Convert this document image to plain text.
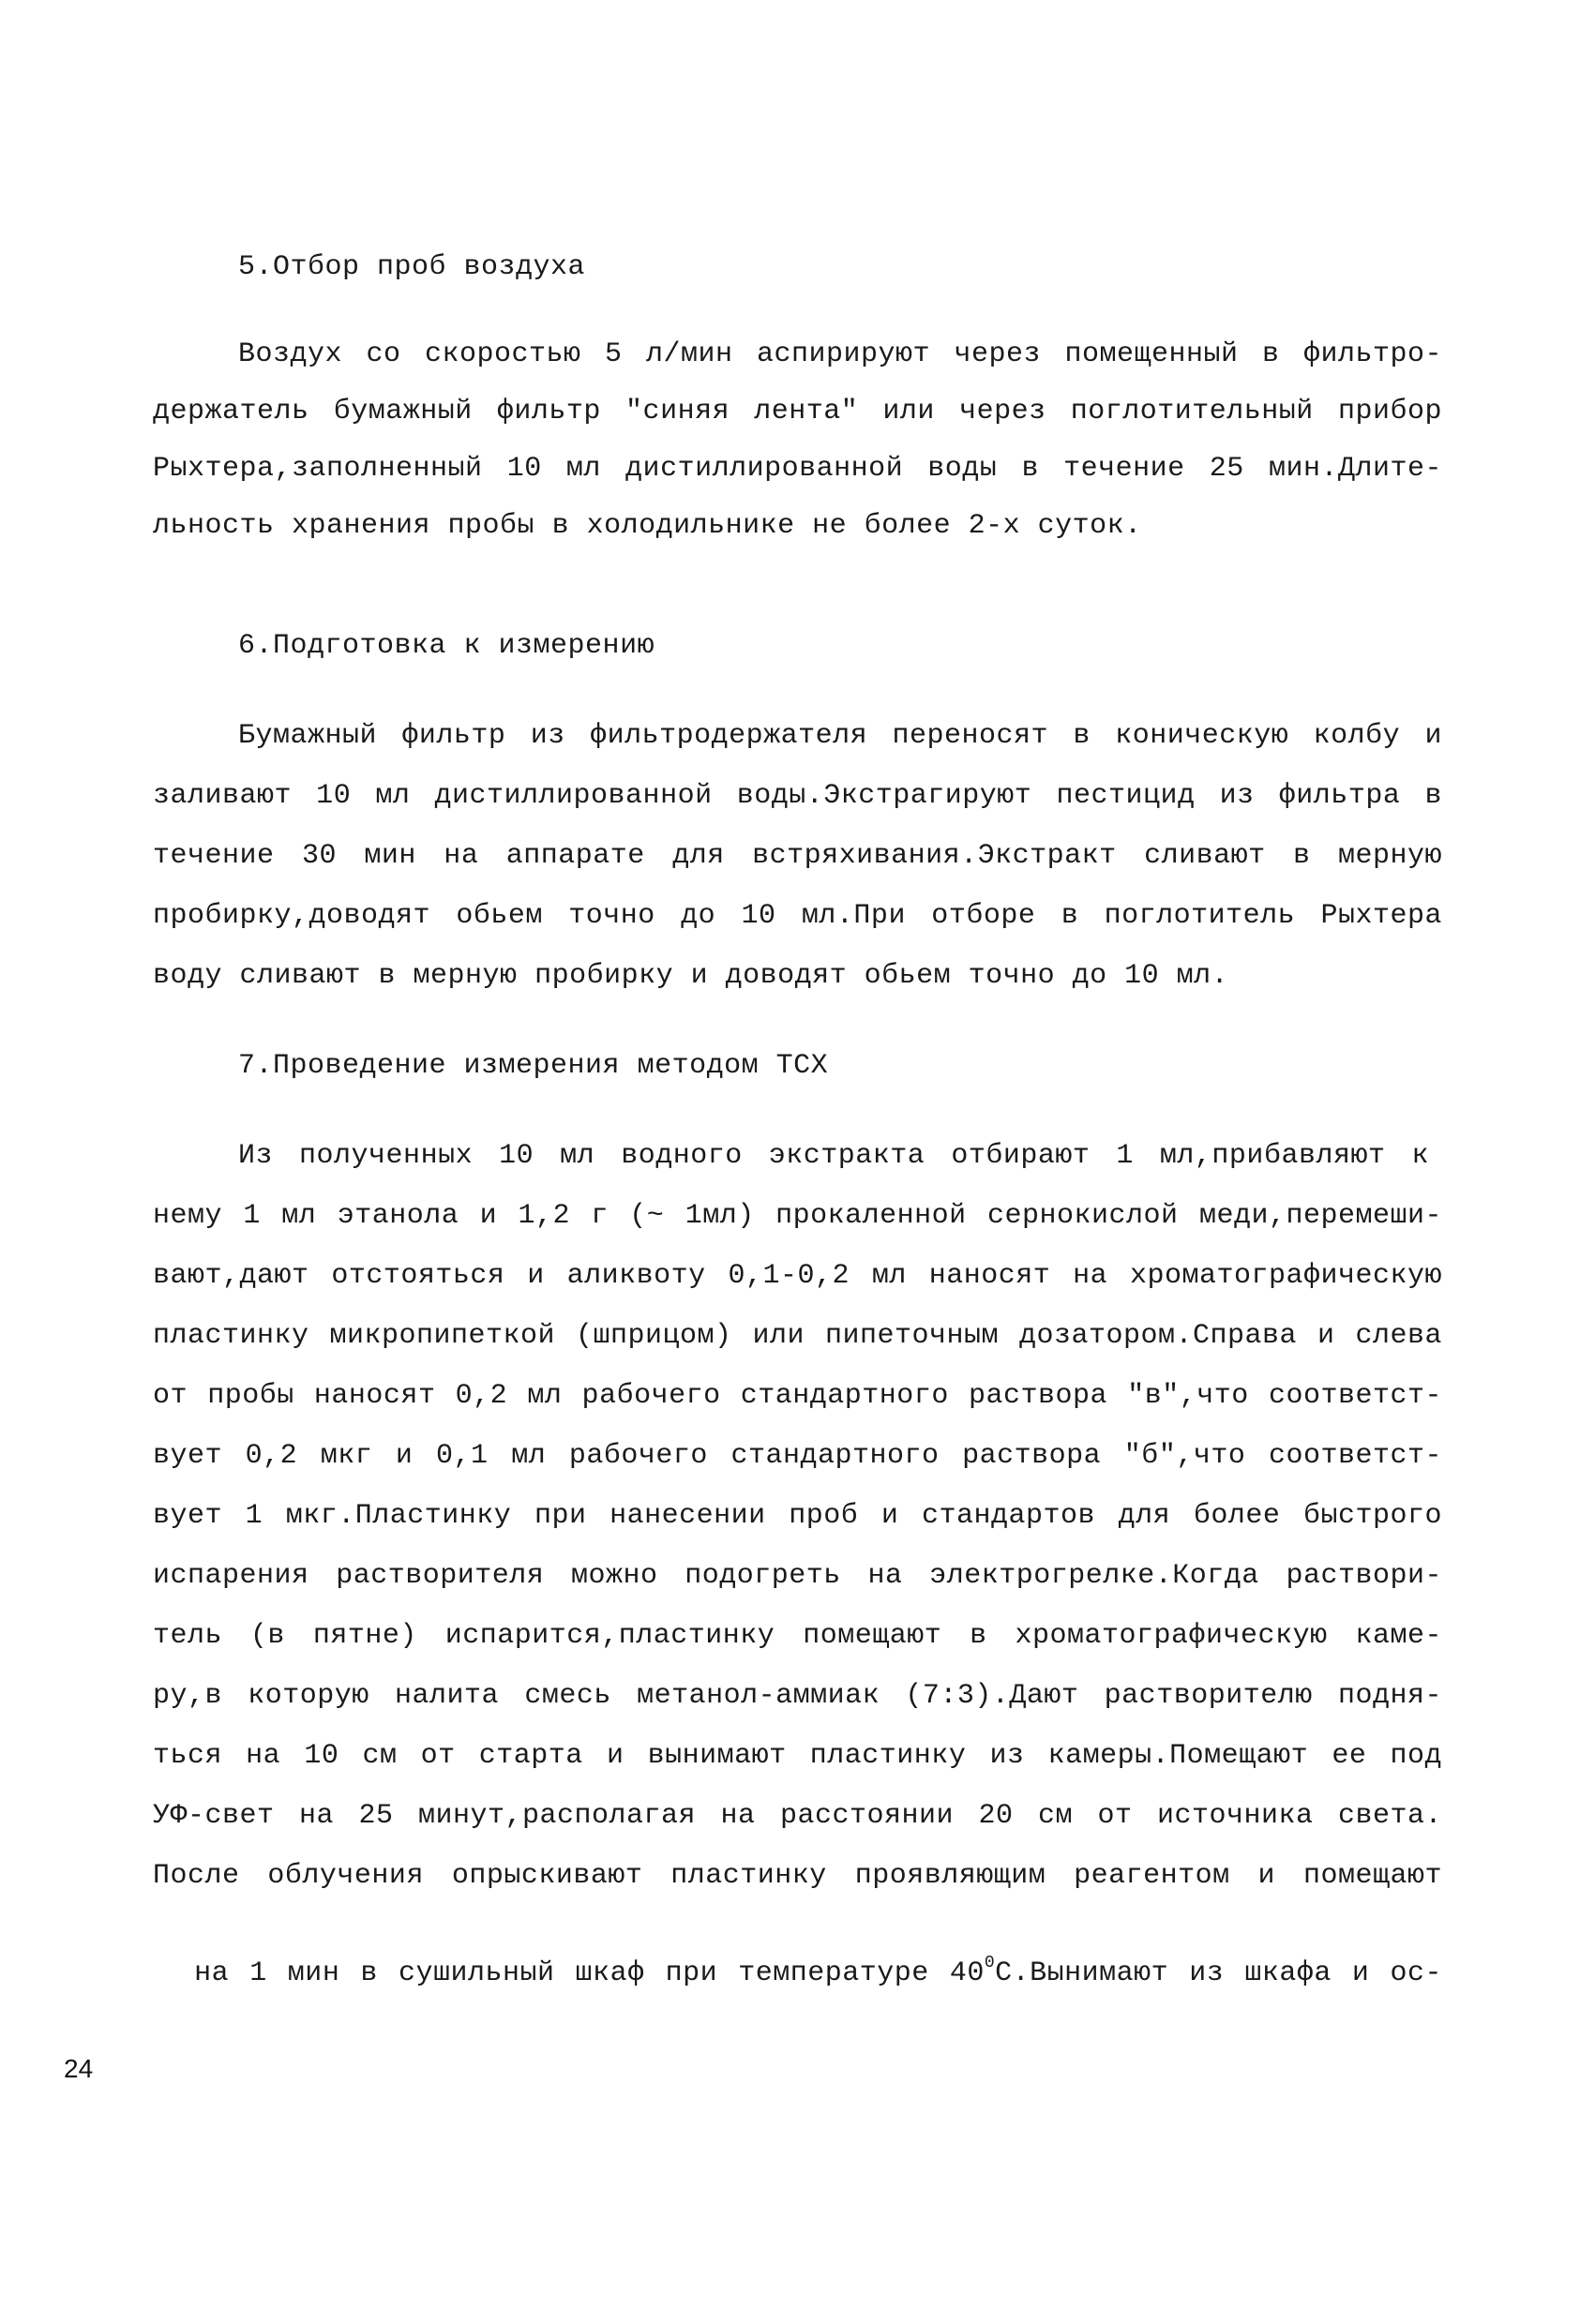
5.Отбор проб воздуха
Воздух со скоростью 5 л/мин аспирируют через помещенный в фильтро-
держатель бумажный фильтр "синяя лента" или через поглотительный прибор
Рыхтера,заполненный 10 мл дистиллированной воды в течение 25 мин.Длите-
льность хранения пробы в холодильнике не более 2-х суток.
6.Подготовка к измерению
Бумажный фильтр из фильтродержателя переносят в коническую колбу и
заливают 10 мл дистиллированной воды.Экстрагируют пестицид из фильтра в
течение 30 мин на аппарате для встряхивания.Экстракт сливают в мерную
пробирку,доводят обьем точно до 10 мл.При отборе в поглотитель Рыхтера
воду сливают в мерную пробирку и доводят обьем точно до 10 мл.
7.Проведение измерения методом ТСХ
Из полученных 10 мл водного экстракта отбирают 1 мл,прибавляют к
нему 1 мл этанола и 1,2 г (~ 1мл) прокаленной сернокислой меди,перемеши-
вают,дают отстояться и аликвоту 0,1-0,2 мл наносят на хроматографическую
пластинку микропипеткой (шприцом) или пипеточным дозатором.Справа и слева
от пробы наносят 0,2 мл рабочего стандартного раствора "в",что соответст-
вует 0,2 мкг и 0,1 мл рабочего стандартного раствора "б",что соответст-
вует 1 мкг.Пластинку при нанесении проб и стандартов для более быстрого
испарения растворителя можно подогреть на электрогрелке.Когда раствори-
тель (в пятне) испарится,пластинку помещают в хроматографическую каме-
ру,в которую налита смесь метанол-аммиак (7:3).Дают растворителю подня-
ться на 10 см от старта и вынимают пластинку из камеры.Помещают ее под
УФ-свет на 25 минут,располагая на расстоянии 20 см от источника света.
После облучения опрыскивают пластинку проявляющим реагентом и помещают

на 1 мин в сушильный шкаф при температуре $40^0С.Вынимают$ из шкафа и ос-

24
